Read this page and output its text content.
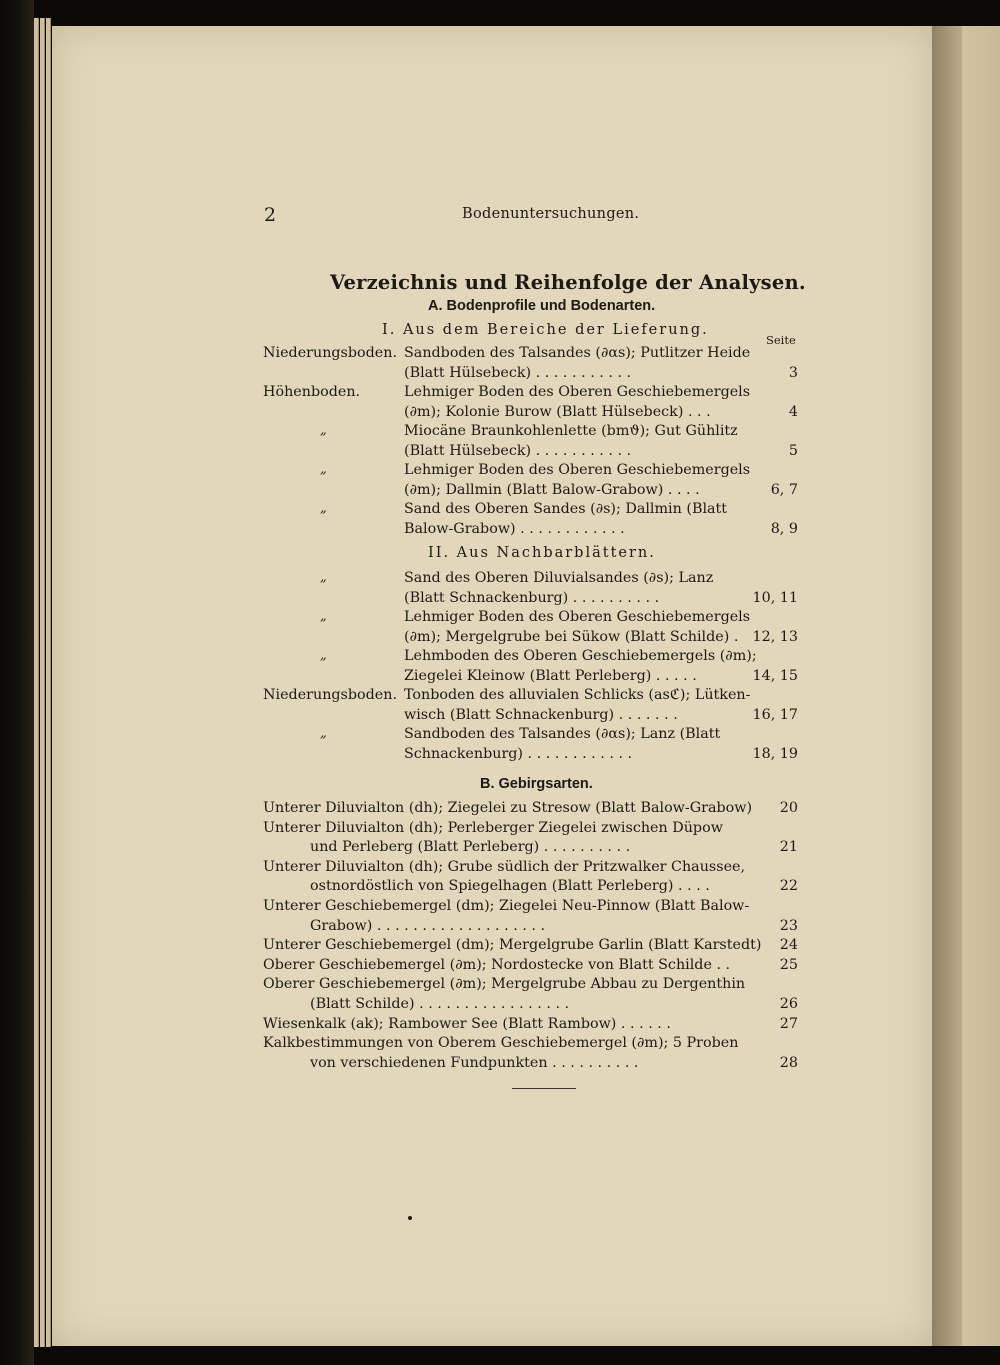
2	Bodenuntersuchungen.
Verzeichnis und Reihenfolge der Analysen.
A. Bodenprofile und Bodenarten.
I. Aus dem Bereiche der Lieferung.
Seite
Niederungsboden. Sandboden des Talsandes (∂αs); Putlitzer Heide
(Blatt Hülsebeck) . . . . . . . . . . .	3
Höhenboden.	Lehmiger Boden des Oberen Geschiebemergels
(∂m); Kolonie Burow (Blatt Hülsebeck) . . .	4
„	Miocäne Braunkohlenlette (bmϑ); Gut Gühlitz
(Blatt Hülsebeck) . . . . . . . . . . .	5
„	Lehmiger Boden des Oberen Geschiebemergels
(∂m); Dallmin (Blatt Balow-Grabow) . . . .	6, 7
„	Sand des Oberen Sandes (∂s); Dallmin (Blatt
Balow-Grabow) . . . . . . . . . . . .	8, 9
II. Aus Nachbarblättern.
„	Sand des Oberen Diluvialsandes (∂s); Lanz
(Blatt Schnackenburg) . . . . . . . . . .	10, 11
„	Lehmiger Boden des Oberen Geschiebemergels
(∂m); Mergelgrube bei Sükow (Blatt Schilde) . 12, 13
„	Lehmboden des Oberen Geschiebemergels (∂m);
Ziegelei Kleinow (Blatt Perleberg) . . . . .	14, 15
Niederungsboden. Tonboden des alluvialen Schlicks (asℭ); Lütken-
wisch (Blatt Schnackenburg) . . . . . . .	16, 17
„	Sandboden des Talsandes (∂αs); Lanz (Blatt
Schnackenburg) . . . . . . . . . . . .	18, 19
B. Gebirgsarten.
Unterer Diluvialton (dh); Ziegelei zu Stresow (Blatt Balow-Grabow) 20
Unterer Diluvialton (dh); Perleberger Ziegelei zwischen Düpow
und Perleberg (Blatt Perleberg) . . . . . . . . . .	21
Unterer Diluvialton (dh); Grube südlich der Pritzwalker Chaussee,
ostnordöstlich von Spiegelhagen (Blatt Perleberg) . . . .	22
Unterer Geschiebemergel (dm); Ziegelei Neu-Pinnow (Blatt Balow-
Grabow) . . . . . . . . . . . . . . . . . . .	23
Unterer Geschiebemergel (dm); Mergelgrube Garlin (Blatt Karstedt) 24
Oberer Geschiebemergel (∂m); Nordostecke von Blatt Schilde . .	25
Oberer Geschiebemergel (∂m); Mergelgrube Abbau zu Dergenthin
(Blatt Schilde) . . . . . . . . . . . . . . . . .	26
Wiesenkalk (ak); Rambower See (Blatt Rambow) . . . . . .	27
Kalkbestimmungen von Oberem Geschiebemergel (∂m); 5 Proben
von verschiedenen Fundpunkten . . . . . . . . . .	28
